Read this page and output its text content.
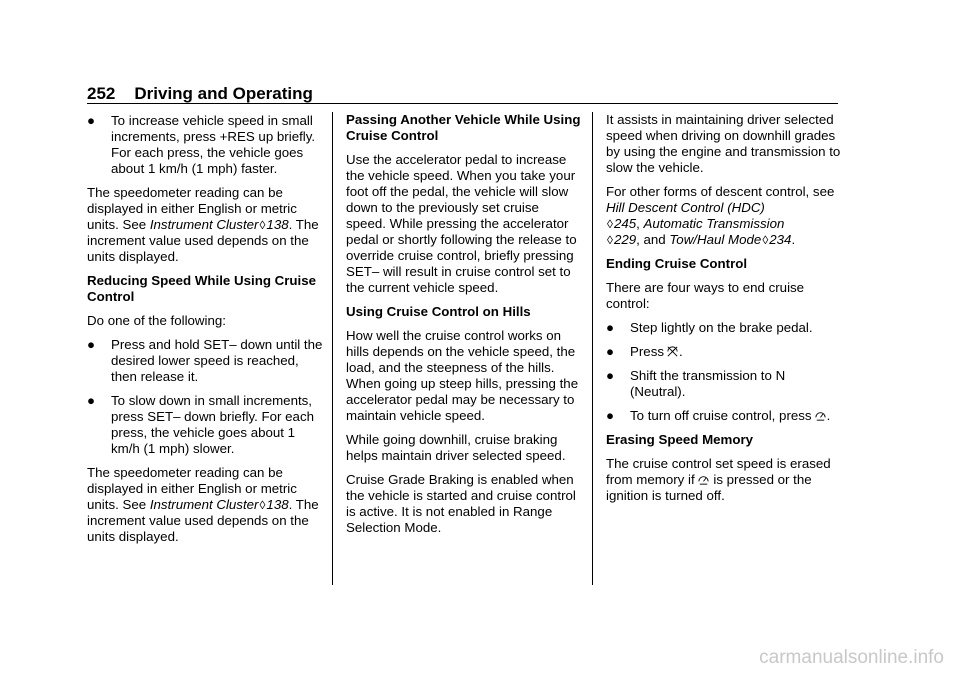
252 Driving and Operating
● To increase vehicle speed in small increments, press +RES up briefly. For each press, the vehicle goes about 1 km/h (1 mph) faster.

The speedometer reading can be displayed in either English or metric units. See Instrument Cluster◊138. The increment value used depends on the units displayed.

Reducing Speed While Using Cruise Control

Do one of the following:

● Press and hold SET– down until the desired lower speed is reached, then release it.
● To slow down in small increments, press SET– down briefly. For each press, the vehicle goes about 1 km/h (1 mph) slower.

The speedometer reading can be displayed in either English or metric units. See Instrument Cluster◊138. The increment value used depends on the units displayed.

Passing Another Vehicle While Using Cruise Control

Use the accelerator pedal to increase the vehicle speed. When you take your foot off the pedal, the vehicle will slow down to the previously set cruise speed. While pressing the accelerator pedal or shortly following the release to override cruise control, briefly pressing SET– will result in cruise control set to the current vehicle speed.

Using Cruise Control on Hills

How well the cruise control works on hills depends on the vehicle speed, the load, and the steepness of the hills. When going up steep hills, pressing the accelerator pedal may be necessary to maintain vehicle speed.

While going downhill, cruise braking helps maintain driver selected speed.

Cruise Grade Braking is enabled when the vehicle is started and cruise control is active. It is not enabled in Range Selection Mode.

It assists in maintaining driver selected speed when driving on downhill grades by using the engine and transmission to slow the vehicle.

For other forms of descent control, see Hill Descent Control (HDC)
◊245, Automatic Transmission
◊229, and Tow/Haul Mode◊234.

Ending Cruise Control

There are four ways to end cruise control:

● Step lightly on the brake pedal.
● Press .
● Shift the transmission to N (Neutral).
● To turn off cruise control, press .

Erasing Speed Memory

The cruise control set speed is erased from memory if is pressed or the ignition is turned off.

carmanualsonline.info
